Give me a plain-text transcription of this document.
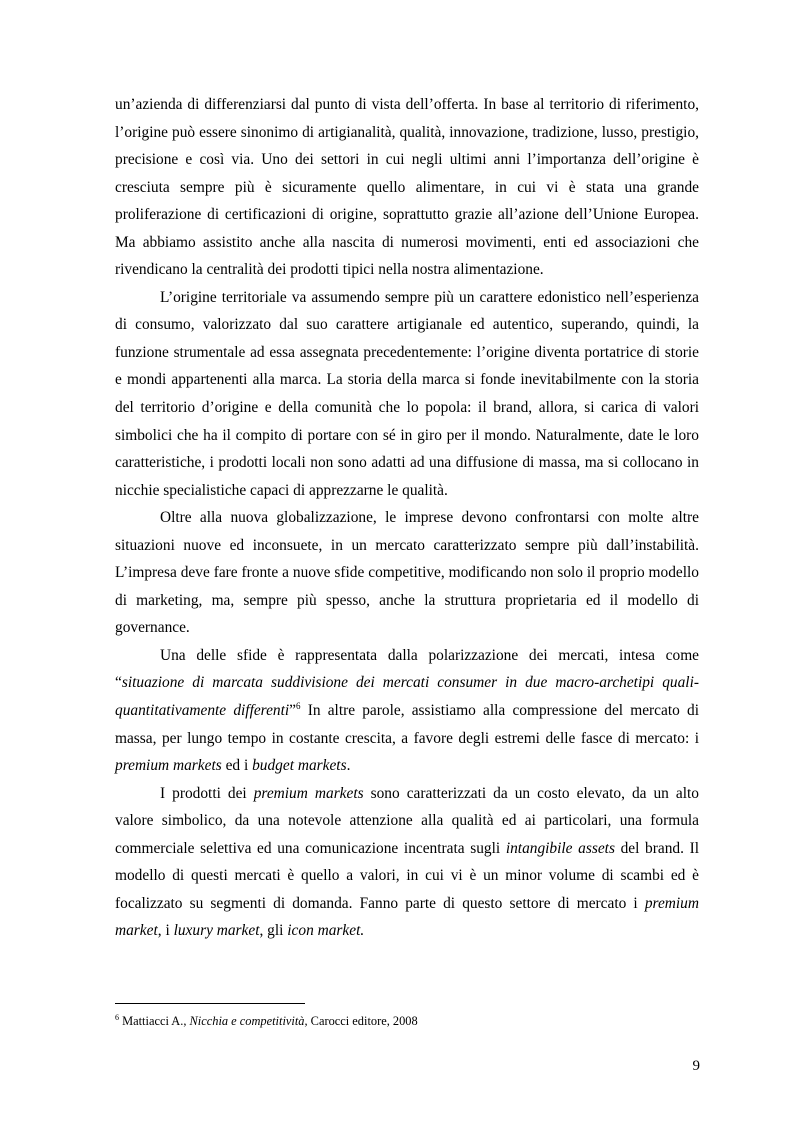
un’azienda di differenziarsi dal punto di vista dell’offerta. In base al territorio di riferimento, l’origine può essere sinonimo di artigianalità, qualità, innovazione, tradizione, lusso, prestigio, precisione e così via. Uno dei settori in cui negli ultimi anni l’importanza dell’origine è cresciuta sempre più è sicuramente quello alimentare, in cui vi è stata una grande proliferazione di certificazioni di origine, soprattutto grazie all’azione dell’Unione Europea. Ma abbiamo assistito anche alla nascita di numerosi movimenti, enti ed associazioni che rivendicano la centralità dei prodotti tipici nella nostra alimentazione.

L’origine territoriale va assumendo sempre più un carattere edonistico nell’esperienza di consumo, valorizzato dal suo carattere artigianale ed autentico, superando, quindi, la funzione strumentale ad essa assegnata precedentemente: l’origine diventa portatrice di storie e mondi appartenenti alla marca. La storia della marca si fonde inevitabilmente con la storia del territorio d’origine e della comunità che lo popola: il brand, allora, si carica di valori simbolici che ha il compito di portare con sé in giro per il mondo. Naturalmente, date le loro caratteristiche, i prodotti locali non sono adatti ad una diffusione di massa, ma si collocano in nicchie specialistiche capaci di apprezzarne le qualità.

Oltre alla nuova globalizzazione, le imprese devono confrontarsi con molte altre situazioni nuove ed inconsuete, in un mercato caratterizzato sempre più dall’instabilità. L’impresa deve fare fronte a nuove sfide competitive, modificando non solo il proprio modello di marketing, ma, sempre più spesso, anche la struttura proprietaria ed il modello di governance.

Una delle sfide è rappresentata dalla polarizzazione dei mercati, intesa come “situazione di marcata suddivisione dei mercati consumer in due macro-archetipi quali-quantitativamente differenti”$^6$ In altre parole, assistiamo alla compressione del mercato di massa, per lungo tempo in costante crescita, a favore degli estremi delle fasce di mercato: i premium markets ed i budget markets.

I prodotti dei premium markets sono caratterizzati da un costo elevato, da un alto valore simbolico, da una notevole attenzione alla qualità ed ai particolari, una formula commerciale selettiva ed una comunicazione incentrata sugli intangibile assets del brand. Il modello di questi mercati è quello a valori, in cui vi è un minor volume di scambi ed è focalizzato su segmenti di domanda. Fanno parte di questo settore di mercato i premium market, i luxury market, gli icon market.

$^6$ Mattiacci A., Nicchia e competitività, Carocci editore, 2008
9
